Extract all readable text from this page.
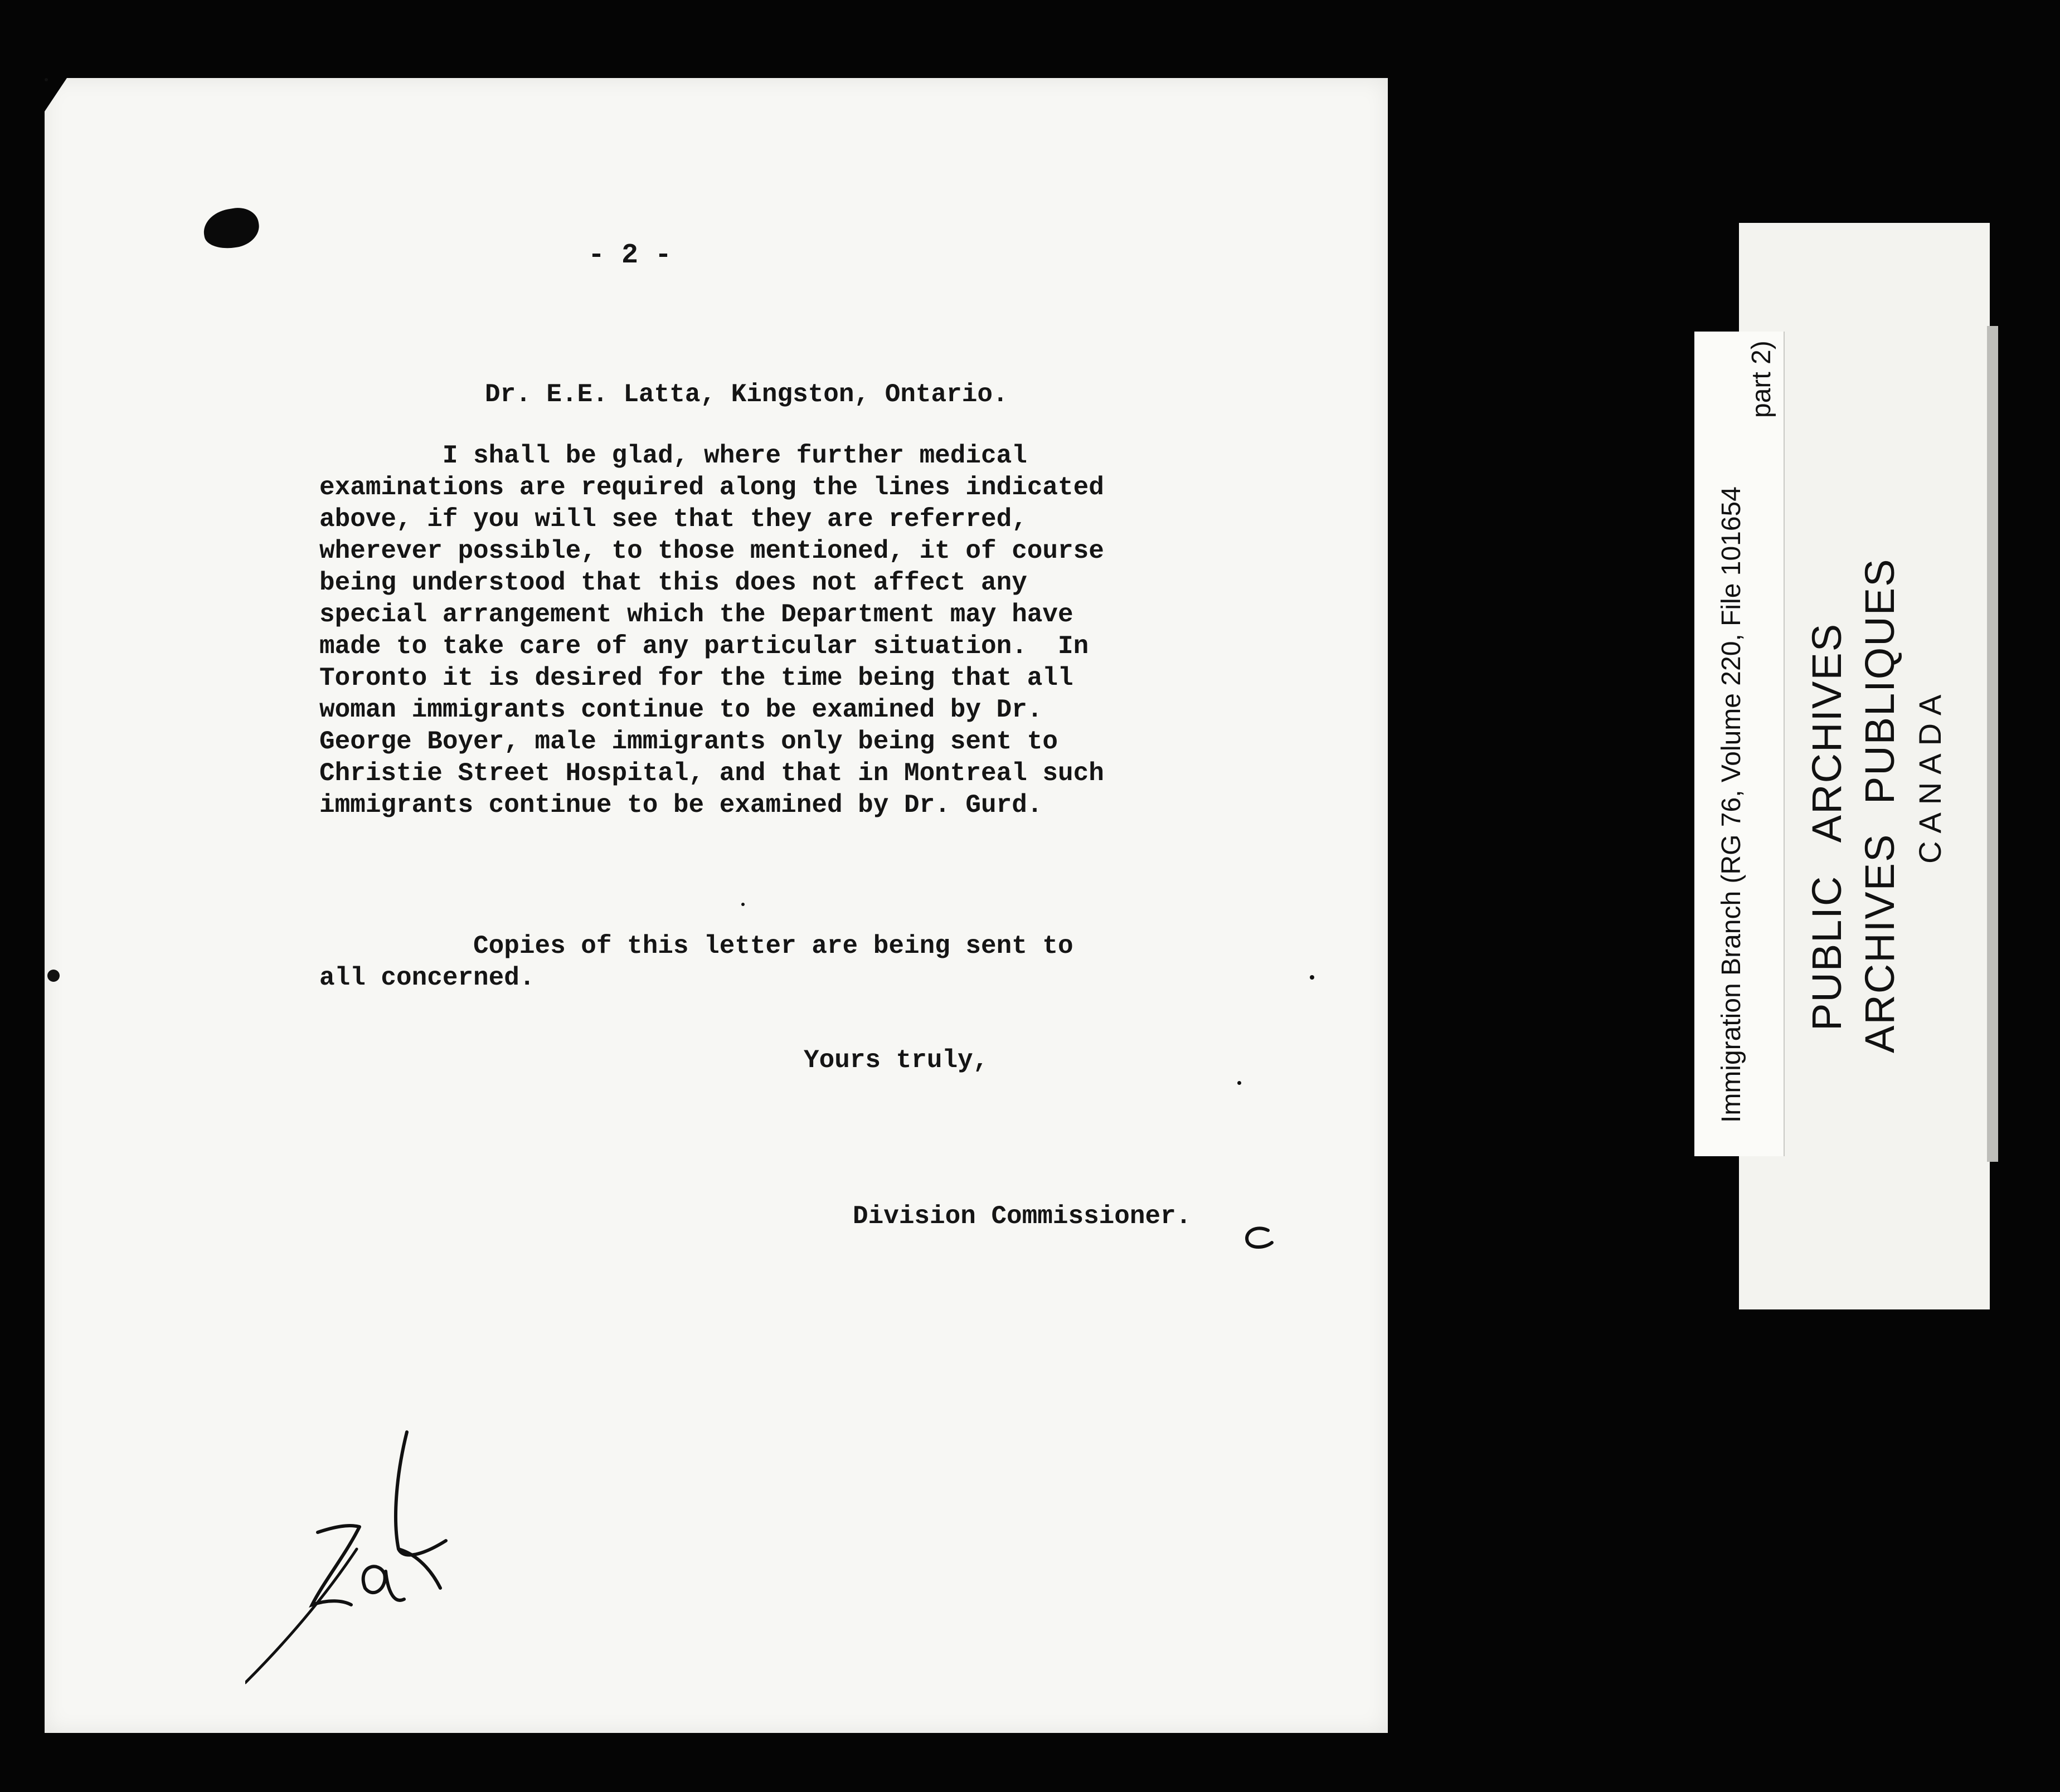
- 2 -
Dr. E.E. Latta, Kingston, Ontario.
I shall be glad, where further medical
examinations are required along the lines indicated
above, if you will see that they are referred,
wherever possible, to those mentioned, it of course
being understood that this does not affect any
special arrangement which the Department may have
made to take care of any particular situation.  In
Toronto it is desired for the time being that all
woman immigrants continue to be examined by Dr.
George Boyer, male immigrants only being sent to
Christie Street Hospital, and that in Montreal such
immigrants continue to be examined by Dr. Gurd.
Copies of this letter are being sent to
all concerned.
Yours truly,
Division Commissioner.
Immigration Branch (RG 76, Volume 220, File 101654
part 2)
PUBLIC ARCHIVES ARCHIVES PUBLIQUES CANADA
